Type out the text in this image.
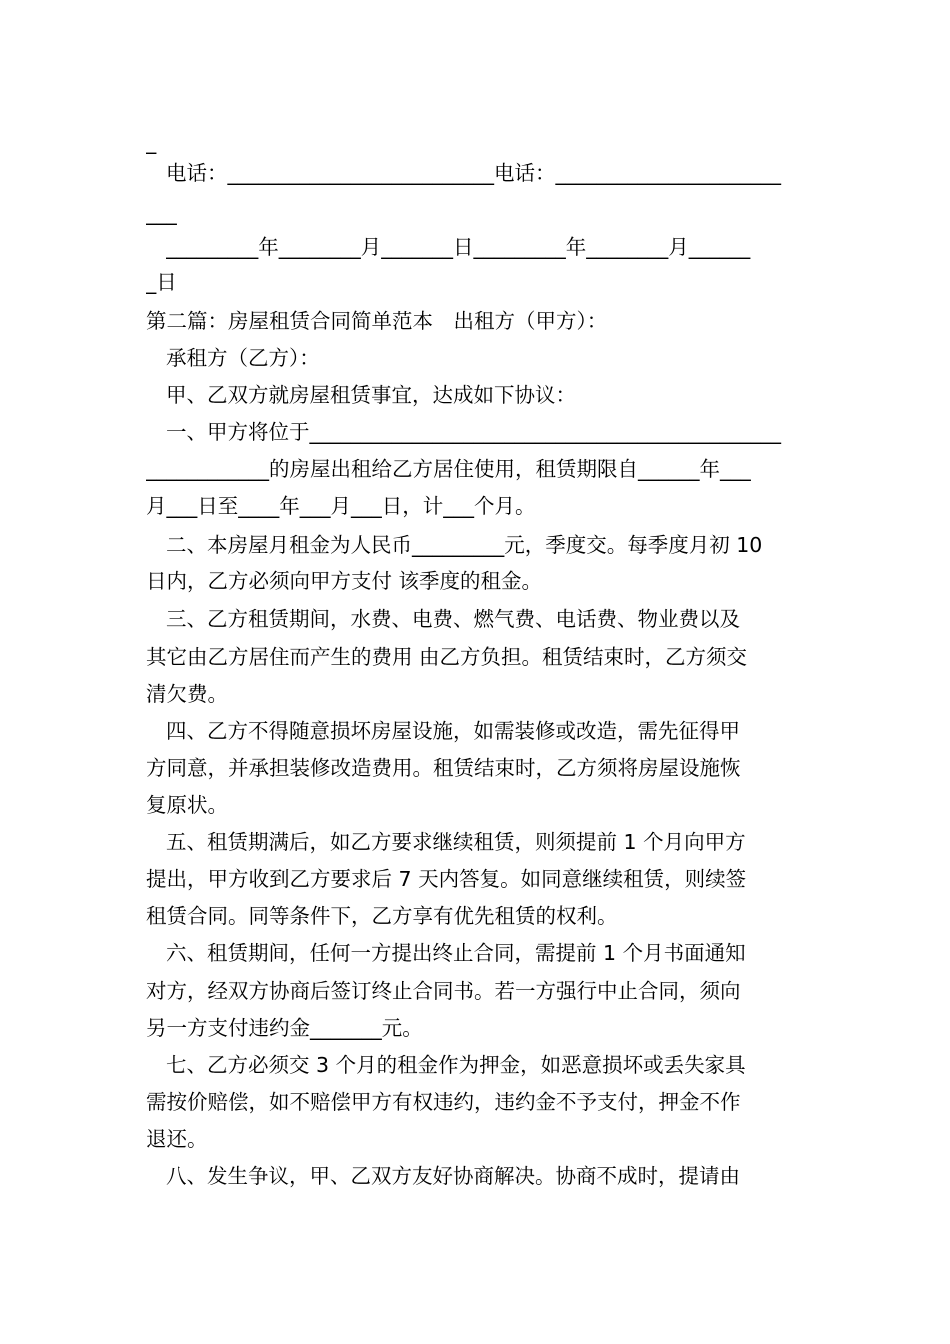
_
电话：__________________________电话：______________________
___
_________年________月_______日_________年________月______
_日
第二篇：房屋租赁合同简单范本　出租方（甲方）：
承租方（乙方）：
甲、乙双方就房屋租赁事宜，达成如下协议：
一、甲方将位于______________________________________________
____________的房屋出租给乙方居住使用，租赁期限自______年___
月___日至____年___月___日，计___个月。
二、本房屋月租金为人民币_________元，季度交。每季度月初 10
日内，乙方必须向甲方支付 该季度的租金。
三、乙方租赁期间，水费、电费、燃气费、电话费、物业费以及
其它由乙方居住而产生的费用 由乙方负担。租赁结束时，乙方须交
清欠费。
四、乙方不得随意损坏房屋设施，如需装修或改造，需先征得甲
方同意，并承担装修改造费用。租赁结束时，乙方须将房屋设施恢
复原状。
五、租赁期满后，如乙方要求继续租赁，则须提前 1 个月向甲方
提出，甲方收到乙方要求后 7 天内答复。如同意继续租赁，则续签
租赁合同。同等条件下，乙方享有优先租赁的权利。
六、租赁期间，任何一方提出终止合同，需提前 1 个月书面通知
对方，经双方协商后签订终止合同书。若一方强行中止合同，须向
另一方支付违约金_______元。
七、乙方必须交 3 个月的租金作为押金，如恶意损坏或丢失家具
需按价赔偿，如不赔偿甲方有权违约，违约金不予支付，押金不作
退还。
八、发生争议，甲、乙双方友好协商解决。协商不成时，提请由
